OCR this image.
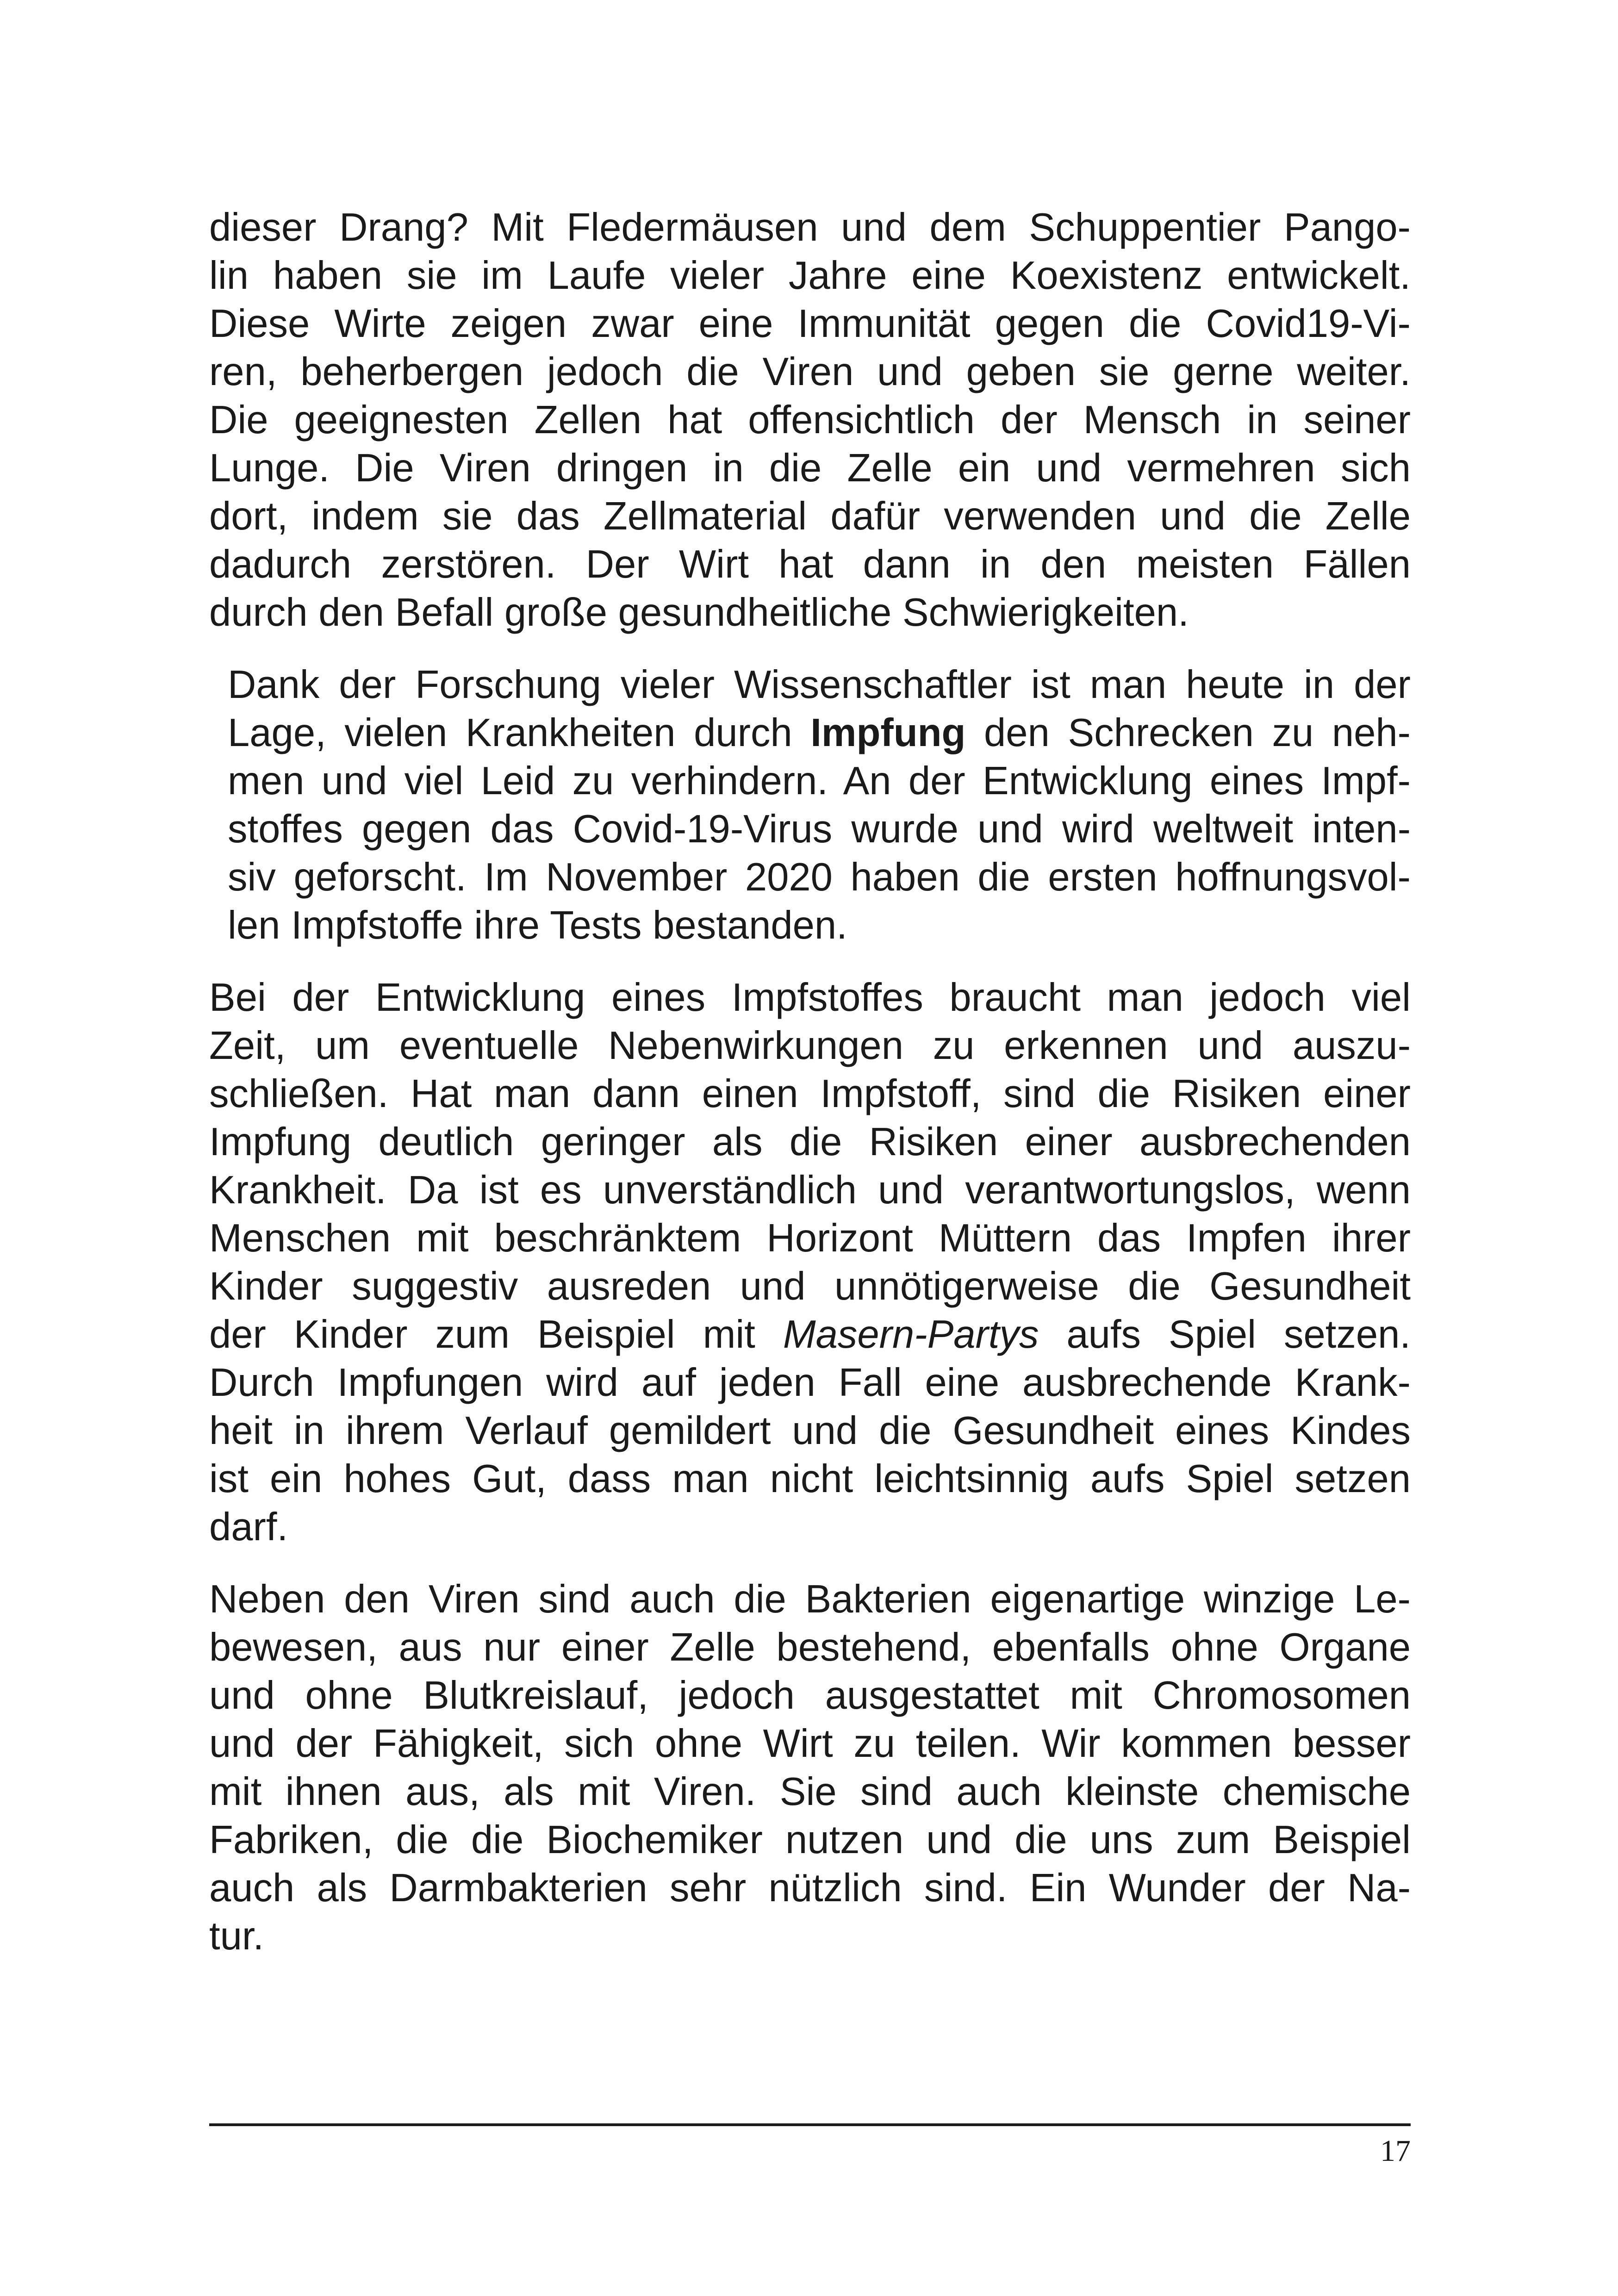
dieser Drang? Mit Fledermäusen und dem Schuppentier Pango-
lin haben sie im Laufe vieler Jahre eine Koexistenz entwickelt.
Diese Wirte zeigen zwar eine Immunität gegen die Covid19-Vi-
ren, beherbergen jedoch die Viren und geben sie gerne weiter.
Die geeignesten Zellen hat offensichtlich der Mensch in seiner
Lunge. Die Viren dringen in die Zelle ein und vermehren sich
dort, indem sie das Zellmaterial dafür verwenden und die Zelle
dadurch zerstören. Der Wirt hat dann in den meisten Fällen
durch den Befall große gesundheitliche Schwierigkeiten.
Dank der Forschung vieler Wissenschaftler ist man heute in der
Lage, vielen Krankheiten durch Impfung den Schrecken zu neh-
men und viel Leid zu verhindern. An der Entwicklung eines Impf-
stoffes gegen das Covid-19-Virus wurde und wird weltweit inten-
siv geforscht. Im November 2020 haben die ersten hoffnungsvol-
len Impfstoffe ihre Tests bestanden.
Bei der Entwicklung eines Impfstoffes braucht man jedoch viel
Zeit, um eventuelle Nebenwirkungen zu erkennen und auszu-
schließen. Hat man dann einen Impfstoff, sind die Risiken einer
Impfung deutlich geringer als die Risiken einer ausbrechenden
Krankheit. Da ist es unverständlich und verantwortungslos, wenn
Menschen mit beschränktem Horizont Müttern das Impfen ihrer
Kinder suggestiv ausreden und unnötigerweise die Gesundheit
der Kinder zum Beispiel mit Masern-Partys aufs Spiel setzen.
Durch Impfungen wird auf jeden Fall eine ausbrechende Krank-
heit in ihrem Verlauf gemildert und die Gesundheit eines Kindes
ist ein hohes Gut, dass man nicht leichtsinnig aufs Spiel setzen
darf.
Neben den Viren sind auch die Bakterien eigenartige winzige Le-
bewesen, aus nur einer Zelle bestehend, ebenfalls ohne Organe
und ohne Blutkreislauf, jedoch ausgestattet mit Chromosomen
und der Fähigkeit, sich ohne Wirt zu teilen. Wir kommen besser
mit ihnen aus, als mit Viren. Sie sind auch kleinste chemische
Fabriken, die die Biochemiker nutzen und die uns zum Beispiel
auch als Darmbakterien sehr nützlich sind. Ein Wunder der Na-
tur.
17
